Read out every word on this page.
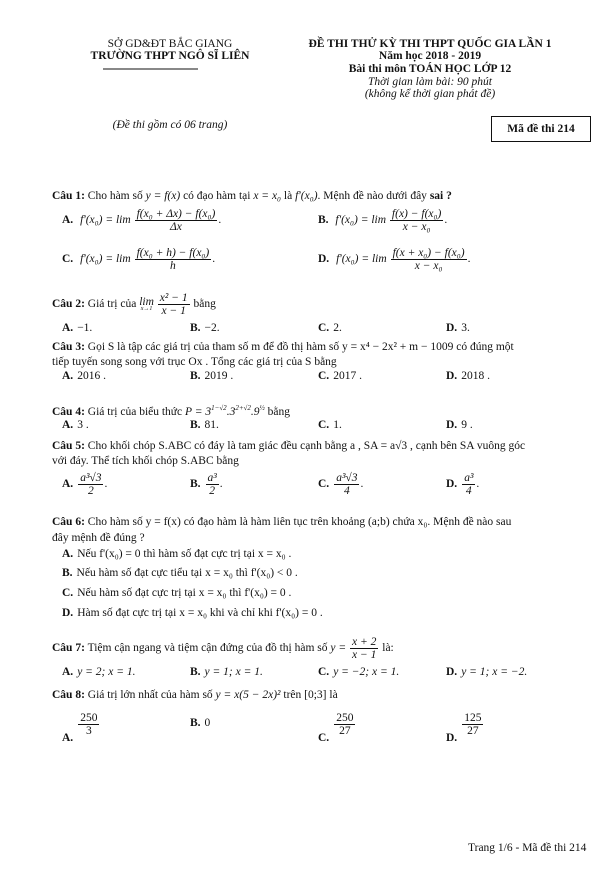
SỞ GD&ĐT BẮC GIANG
TRƯỜNG THPT NGÔ SĨ LIÊN
(Đề thi gồm có 06 trang)
ĐỀ THI THỬ KỲ THI THPT QUỐC GIA LẦN 1
Năm học 2018 - 2019
Bài thi môn TOÁN HỌC LỚP 12
Thời gian làm bài: 90 phút
(không kể thời gian phát đề)
Mã đề thi 214
Câu 1: Cho hàm số y = f(x) có đạo hàm tại x = x₀ là f'(x₀). Mệnh đề nào dưới đây sai ?
A. $f'(x_0) = \lim \frac{\text{f(x₀ + Δx) − f(x₀)}}{\Delta x}$ .	B. $f'(x_0) = \lim \frac{\text{f(x) − f(x₀)}}{\text{x − x₀}}$ .
C. $f'(x_0) = \lim \frac{\text{f(x₀ + h) − f(x₀)}}{h}$ .	D. $f'(x_0) = \lim \frac{\text{f(x + x₀) − f(x₀)}}{\text{x − x₀}}$ .
Câu 2: Giá trị của lim
x→1
$\frac{\text{x² − 1}}{x - 1}$ bằng
A. −1.	B. −2.	C. 2.	D. 3.
Câu 3: Gọi S là tập các giá trị của tham số m để đồ thị hàm số y = x⁴ − 2x² + m − 1009 có đúng một
tiếp tuyến song song với trục Ox . Tổng các giá trị của S bằng
A. 2016 .	B. 2019 .	C. 2017 .	D. 2018 .
Câu 4: Giá trị của biểu thức $P = 3^{1-√2}.3^{2+√2}.9^{\frac{1}{2}}$ bằng
A. 3 .	B. 81.	C. 1.	D. 9 .
Câu 5: Cho khối chóp S.ABC có đáy là tam giác đều cạnh bằng a , SA = a√3 , cạnh bên SA vuông góc
với đáy. Thể tích khối chóp S.ABC bằng
A. $\frac{\text{a³√3}}{2}$ .	B. $\frac{\text{a³}}{2}$ .	C. $\frac{\text{a³√3}}{4}$ .	D. $\frac{\text{a³}}{4}$ .
Câu 6: Cho hàm số y = f(x) có đạo hàm là hàm liên tục trên khoảng (a;b) chứa x₀. Mệnh đề nào sau
đây mệnh đề đúng ?
A. Nếu f'(x₀) = 0 thì hàm số đạt cực trị tại x = x₀ .
B. Nếu hàm số đạt cực tiểu tại x = x₀ thì f'(x₀) < 0 .
C. Nếu hàm số đạt cực trị tại x = x₀ thì f'(x₀) = 0 .
D. Hàm số đạt cực trị tại x = x₀ khi và chỉ khi f'(x₀) = 0 .
Câu 7: Tiệm cận ngang và tiệm cận đứng của đồ thị hàm số $y = \frac{x + 2}{x - 1}$ là:
A. y = 2; x = 1.	B. y = 1; x = 1.	C. y = −2; x = 1.	D. y = 1; x = −2.
Câu 8: Giá trị lớn nhất của hàm số y = x(5 − 2x)² trên [0;3] là
A.
$\frac{250}{3}$	B. 0
C.
$\frac{250}{27}$
D.
$\frac{125}{27}$
Trang 1/6 - Mã đề thi 214
